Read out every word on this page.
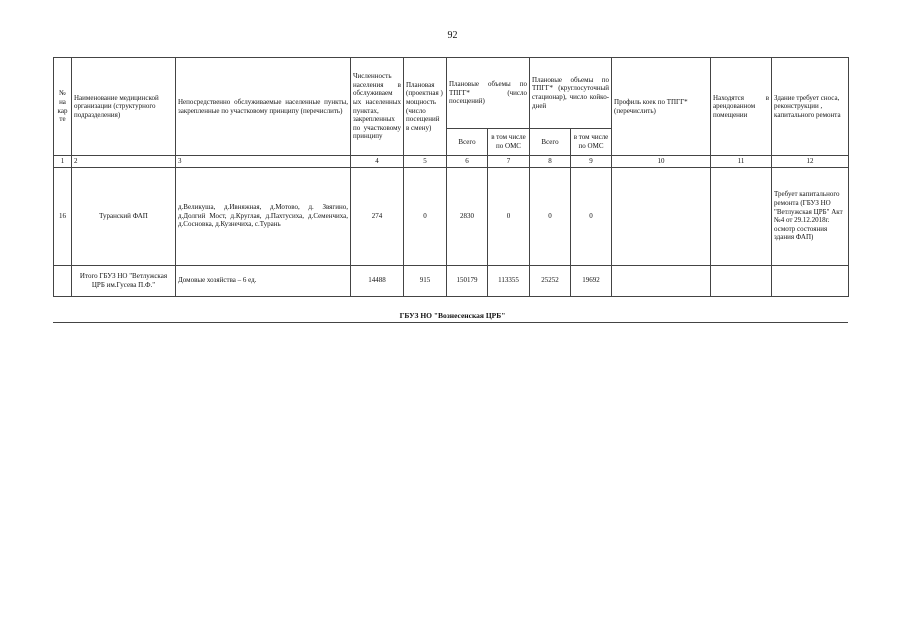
92
№ на кар те	Наименование медицинской организации (структурного подразделения)	Непосредственно обслуживаемые населенные пункты, закрепленные по участковому принципу (перечислить)	Численность населения в обслуживаем ых населенных пунктах, закрепленных по участковому принципу	Плановая (проектная ) мощность (число посещений в смену)	Плановые объемы по ТПГГ* (число посещений)		Плановые объемы по ТПГГ* (круглосуточный стационар), число койко-дней		Профиль коек по ТПГГ* (перечислить)	Находятся в арендованном помещении	Здание требует сноса, реконструкции , капитального ремонта
					Всего	в том числе по ОМС	Всего	в том числе по ОМС			
1	2	3	4	5	6	7	8	9	10	11	12
16	Туранский ФАП	д.Великуша, д.Ивняжная, д.Мотово, д. Звягино, д.Долгий Мост, д.Круглая, д.Пахтусиха, д.Семенчиха, д.Сосновка, д.Кузнечиха, с.Турань	274	0	2830	0	0	0			Требует капитального ремонта (ГБУЗ НО "Ветлужская ЦРБ" Акт №4 от 29.12.2018г. осмотр состояния здания ФАП)
	Итого ГБУЗ НО "Ветлужская ЦРБ им.Гусева П.Ф."	Домовые хозяйства – 6 ед.	14488	915	150179	113355	25252	19692			
ГБУЗ НО "Вознесенская ЦРБ"
